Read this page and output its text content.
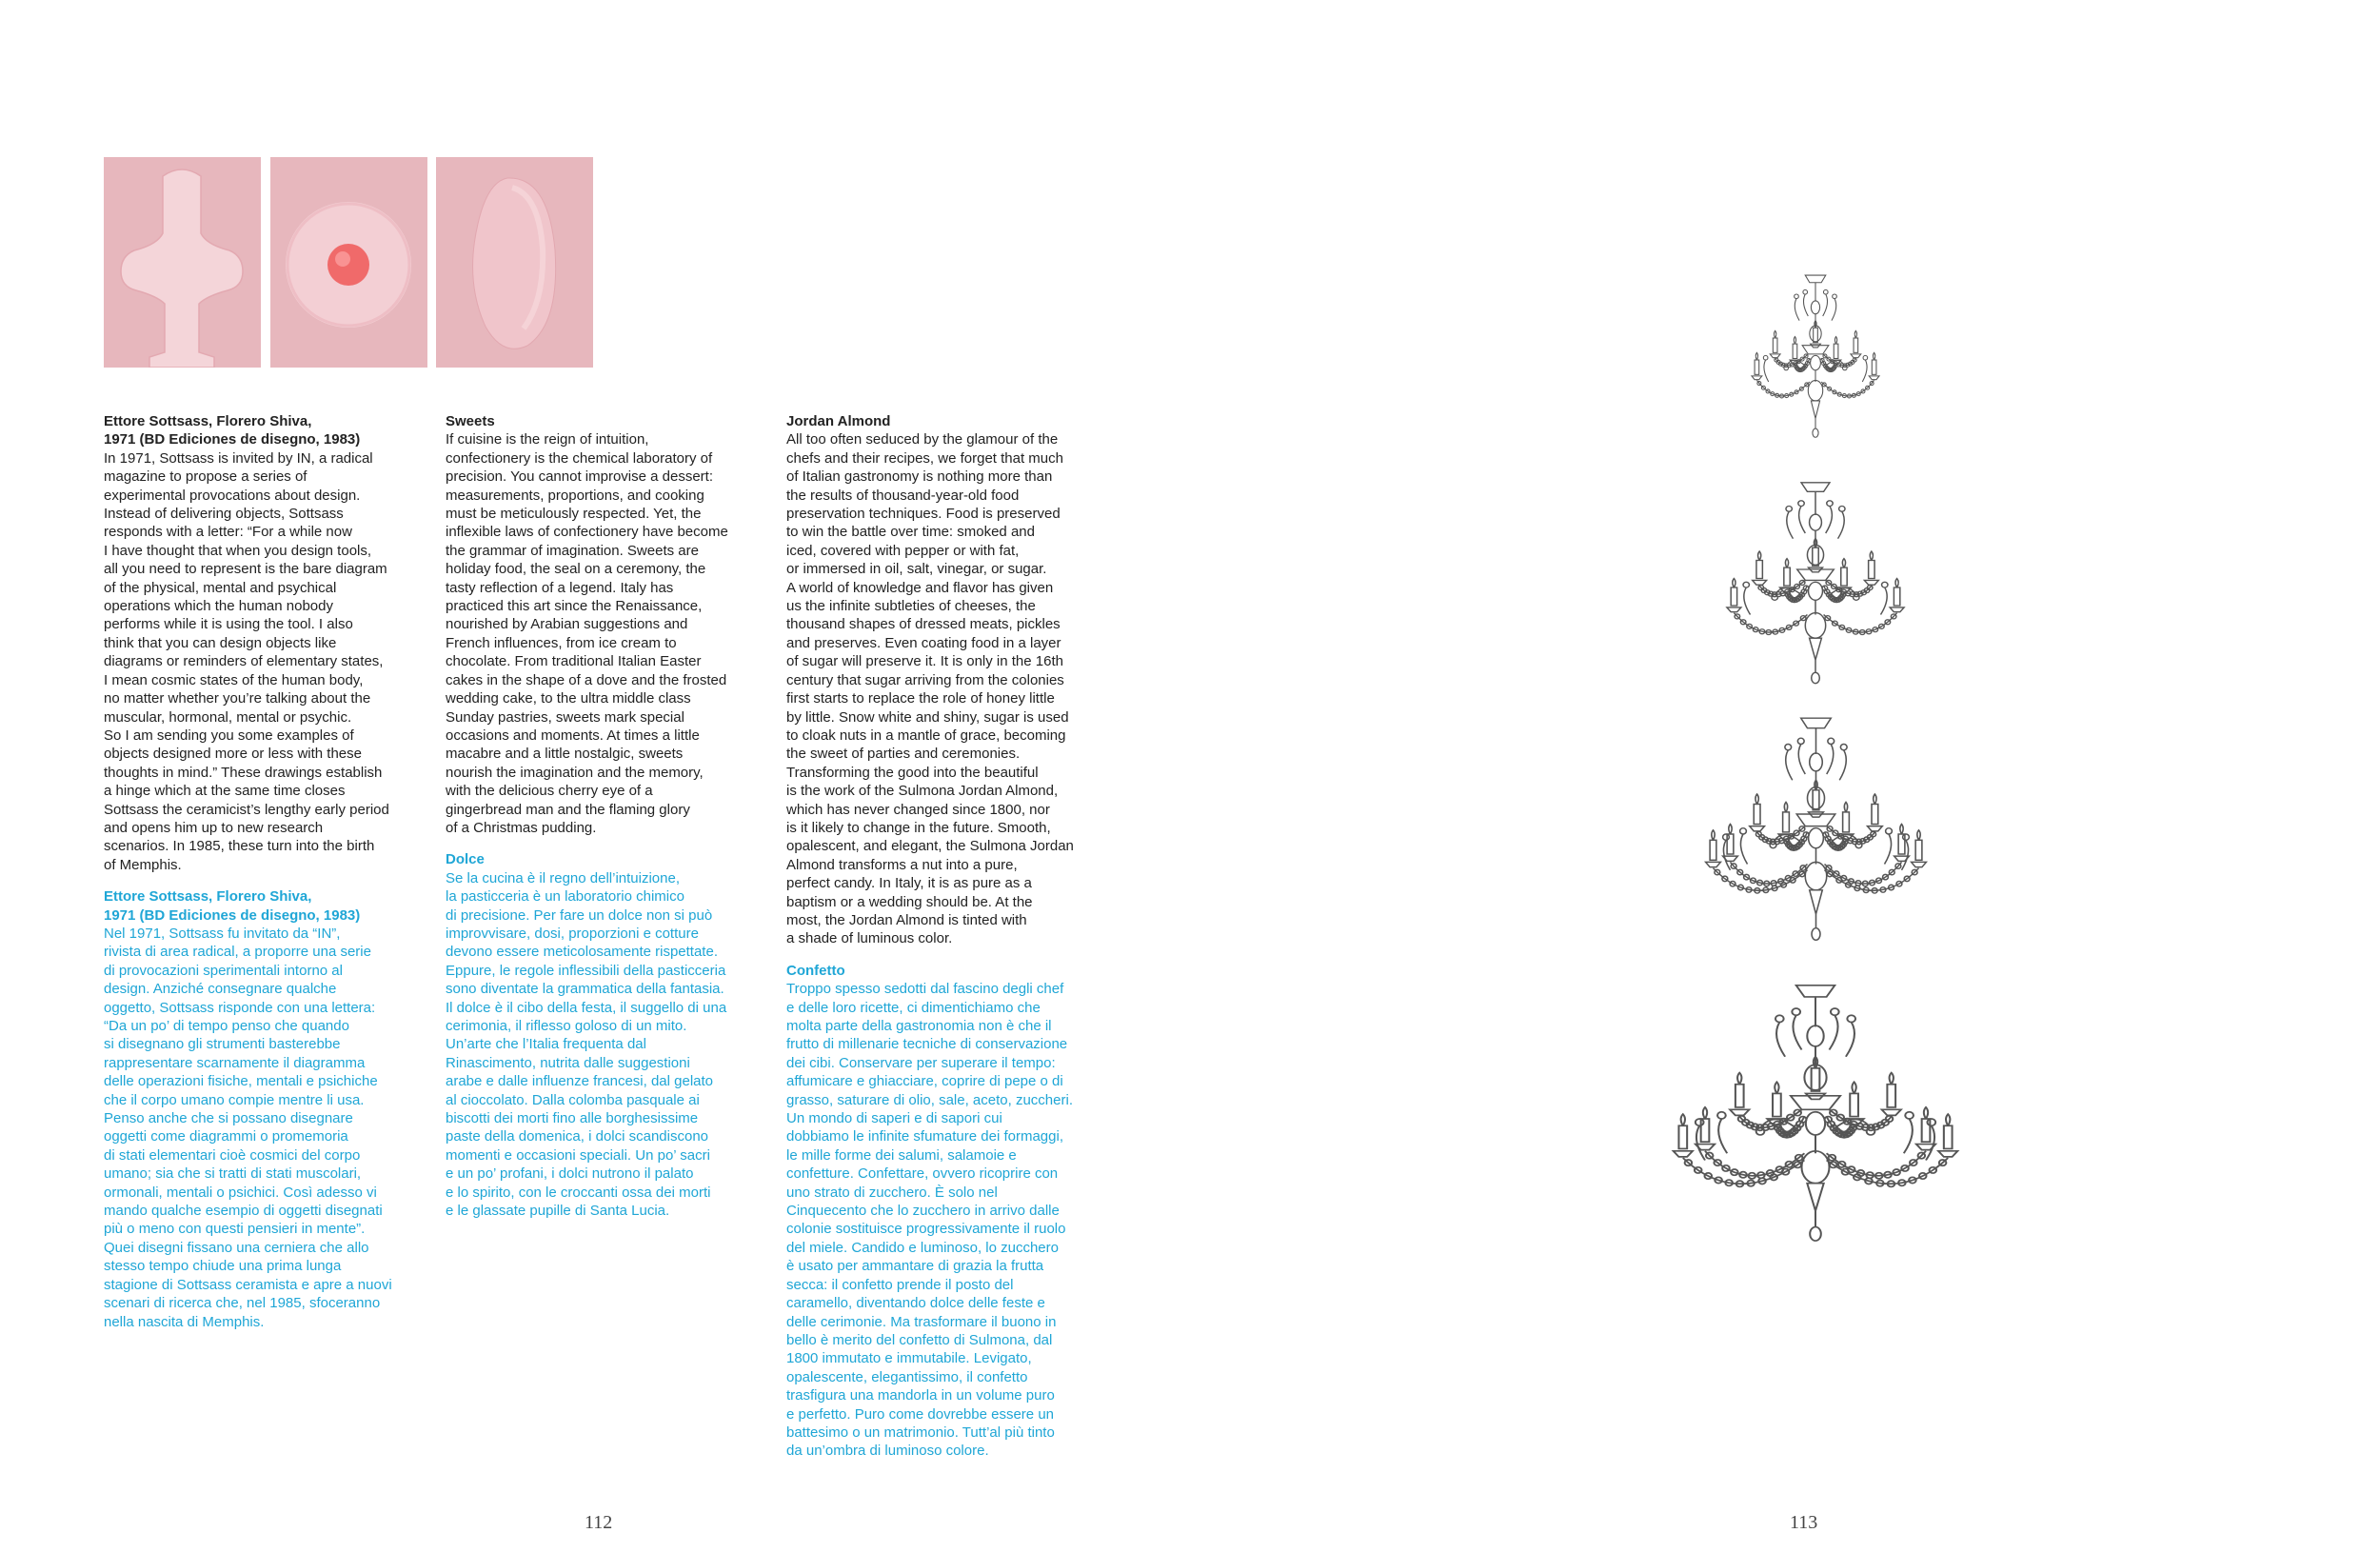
Ettore Sottsass, Florero Shiva,
1971 (BD Ediciones de disegno, 1983)

In 1971, Sottsass is invited by IN, a radical
magazine to propose a series of
experimental provocations about design.
Instead of delivering objects, Sottsass
responds with a letter: “For a while now
I have thought that when you design tools,
all you need to represent is the bare diagram
of the physical, mental and psychical
operations which the human nobody
performs while it is using the tool. I also
think that you can design objects like
diagrams or reminders of elementary states,
I mean cosmic states of the human body,
no matter whether you’re talking about the
muscular, hormonal, mental or psychic.
So I am sending you some examples of
objects designed more or less with these
thoughts in mind.” These drawings establish
a hinge which at the same time closes
Sottsass the ceramicist’s lengthy early period
and opens him up to new research
scenarios. In 1985, these turn into the birth
of Memphis.

Ettore Sottsass, Florero Shiva,
1971 (BD Ediciones de disegno, 1983)

Nel 1971, Sottsass fu invitato da “IN”,
rivista di area radical, a proporre una serie
di provocazioni sperimentali intorno al
design. Anziché consegnare qualche
oggetto, Sottsass risponde con una lettera:
“Da un po’ di tempo penso che quando
si disegnano gli strumenti basterebbe
rappresentare scarnamente il diagramma
delle operazioni fisiche, mentali e psichiche
che il corpo umano compie mentre li usa.
Penso anche che si possano disegnare
oggetti come diagrammi o promemoria
di stati elementari cioè cosmici del corpo
umano; sia che si tratti di stati muscolari,
ormonali, mentali o psichici. Così adesso vi
mando qualche esempio di oggetti disegnati
più o meno con questi pensieri in mente”.
Quei disegni fissano una cerniera che allo
stesso tempo chiude una prima lunga
stagione di Sottsass ceramista e apre a nuovi
scenari di ricerca che, nel 1985, sfoceranno
nella nascita di Memphis.

Sweets

If cuisine is the reign of intuition,
confectionery is the chemical laboratory of
precision. You cannot improvise a dessert:
measurements, proportions, and cooking
must be meticulously respected. Yet, the
inflexible laws of confectionery have become
the grammar of imagination. Sweets are
holiday food, the seal on a ceremony, the
tasty reflection of a legend. Italy has
practiced this art since the Renaissance,
nourished by Arabian suggestions and
French influences, from ice cream to
chocolate. From traditional Italian Easter
cakes in the shape of a dove and the frosted
wedding cake, to the ultra middle class
Sunday pastries, sweets mark special
occasions and moments. At times a little
macabre and a little nostalgic, sweets
nourish the imagination and the memory,
with the delicious cherry eye of a
gingerbread man and the flaming glory
of a Christmas pudding.

Dolce

Se la cucina è il regno dell’intuizione,
la pasticceria è un laboratorio chimico
di precisione. Per fare un dolce non si può
improvvisare, dosi, proporzioni e cotture
devono essere meticolosamente rispettate.
Eppure, le regole inflessibili della pasticceria
sono diventate la grammatica della fantasia.
Il dolce è il cibo della festa, il suggello di una
cerimonia, il riflesso goloso di un mito.
Un’arte che l’Italia frequenta dal
Rinascimento, nutrita dalle suggestioni
arabe e dalle influenze francesi, dal gelato
al cioccolato. Dalla colomba pasquale ai
biscotti dei morti fino alle borghesissime
paste della domenica, i dolci scandiscono
momenti e occasioni speciali. Un po’ sacri
e un po’ profani, i dolci nutrono il palato
e lo spirito, con le croccanti ossa dei morti
e le glassate pupille di Santa Lucia.

Jordan Almond

All too often seduced by the glamour of the
chefs and their recipes, we forget that much
of Italian gastronomy is nothing more than
the results of thousand-year-old food
preservation techniques. Food is preserved
to win the battle over time: smoked and
iced, covered with pepper or with fat,
or immersed in oil, salt, vinegar, or sugar.
A world of knowledge and flavor has given
us the infinite subtleties of cheeses, the
thousand shapes of dressed meats, pickles
and preserves. Even coating food in a layer
of sugar will preserve it. It is only in the 16th
century that sugar arriving from the colonies
first starts to replace the role of honey little
by little. Snow white and shiny, sugar is used
to cloak nuts in a mantle of grace, becoming
the sweet of parties and ceremonies.
Transforming the good into the beautiful
is the work of the Sulmona Jordan Almond,
which has never changed since 1800, nor
is it likely to change in the future. Smooth,
opalescent, and elegant, the Sulmona Jordan
Almond transforms a nut into a pure,
perfect candy. In Italy, it is as pure as a
baptism or a wedding should be. At the
most, the Jordan Almond is tinted with
a shade of luminous color.

Confetto

Troppo spesso sedotti dal fascino degli chef
e delle loro ricette, ci dimentichiamo che
molta parte della gastronomia non è che il
frutto di millenarie tecniche di conservazione
dei cibi. Conservare per superare il tempo:
affumicare e ghiacciare, coprire di pepe o di
grasso, saturare di olio, sale, aceto, zuccheri.
Un mondo di saperi e di sapori cui
dobbiamo le infinite sfumature dei formaggi,
le mille forme dei salumi, salamoie e
confetture. Confettare, ovvero ricoprire con
uno strato di zucchero. È solo nel
Cinquecento che lo zucchero in arrivo dalle
colonie sostituisce progressivamente il ruolo
del miele. Candido e luminoso, lo zucchero
è usato per ammantare di grazia la frutta
secca: il confetto prende il posto del
caramello, diventando dolce delle feste e
delle cerimonie. Ma trasformare il buono in
bello è merito del confetto di Sulmona, dal
1800 immutato e immutabile. Levigato,
opalescente, elegantissimo, il confetto
trasfigura una mandorla in un volume puro
e perfetto. Puro come dovrebbe essere un
battesimo o un matrimonio. Tutt’al più tinto
da un’ombra di luminoso colore.

112	113
